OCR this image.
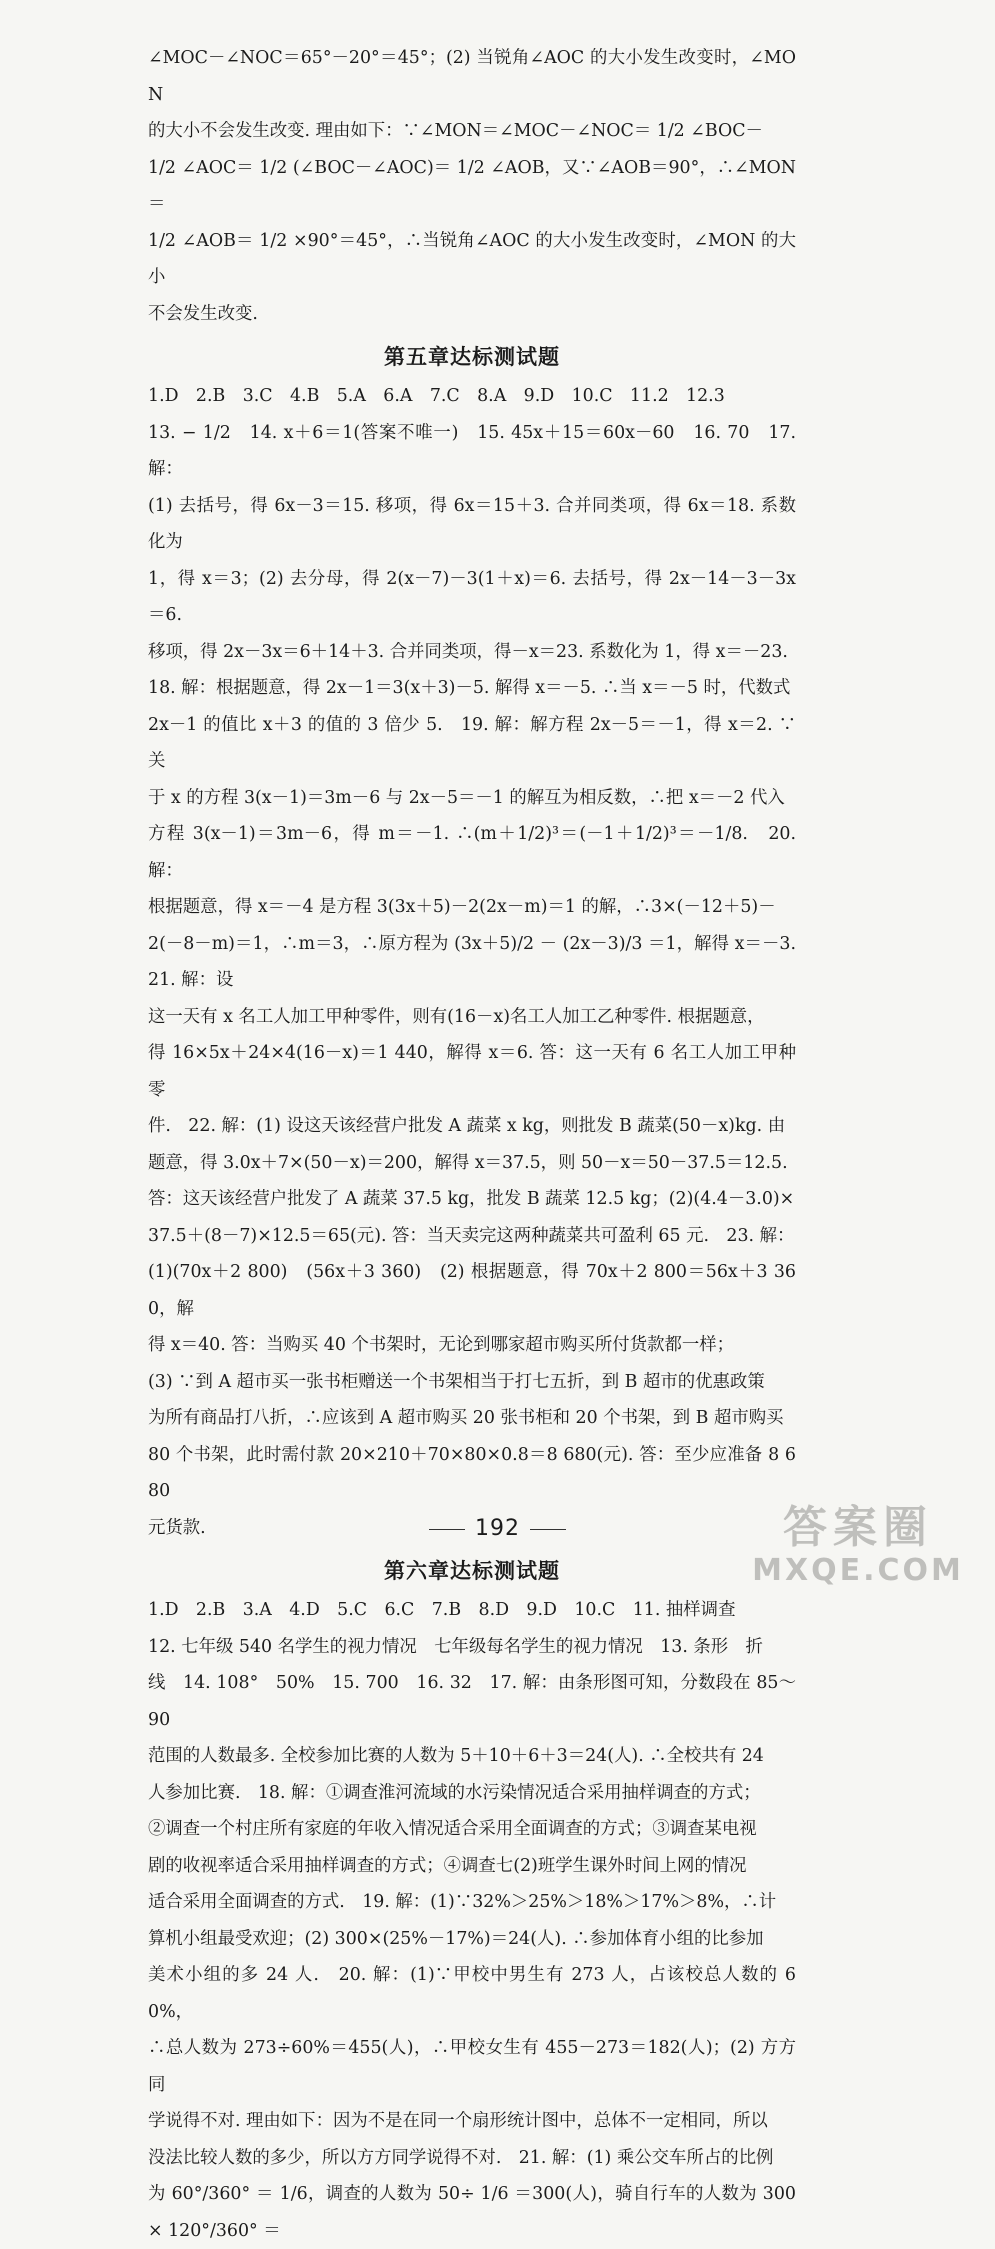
∠MOC－∠NOC＝65°－20°＝45°；(2) 当锐角∠AOC 的大小发生改变时，∠MON

的大小不会发生改变. 理由如下：∵∠MON＝∠MOC－∠NOC＝ 1/2 ∠BOC－

1/2 ∠AOC＝ 1/2 (∠BOC－∠AOC)＝ 1/2 ∠AOB，又∵∠AOB＝90°，∴∠MON＝

1/2 ∠AOB＝ 1/2 ×90°＝45°，∴当锐角∠AOC 的大小发生改变时，∠MON 的大小

不会发生改变.

第五章达标测试题

1.D　2.B　3.C　4.B　5.A　6.A　7.C　8.A　9.D　10.C　11.2　12.3

13. − 1/2　14. x＋6＝1(答案不唯一)　15. 45x＋15＝60x－60　16. 70　17. 解：

(1) 去括号，得 6x－3＝15. 移项，得 6x＝15＋3. 合并同类项，得 6x＝18. 系数化为

1，得 x＝3；(2) 去分母，得 2(x－7)－3(1＋x)＝6. 去括号，得 2x－14－3－3x＝6.

移项，得 2x－3x＝6＋14＋3. 合并同类项，得－x＝23. 系数化为 1，得 x＝－23.

18. 解：根据题意，得 2x－1＝3(x＋3)－5. 解得 x＝－5. ∴当 x＝－5 时，代数式

2x－1 的值比 x＋3 的值的 3 倍少 5.　19. 解：解方程 2x－5＝－1，得 x＝2. ∵关

于 x 的方程 3(x－1)＝3m－6 与 2x－5＝－1 的解互为相反数，∴把 x＝－2 代入

方程 3(x－1)＝3m－6，得 m＝－1. ∴(m＋1/2)³＝(－1＋1/2)³＝－1/8.　20. 解：

根据题意，得 x＝－4 是方程 3(3x＋5)－2(2x－m)＝1 的解，∴3×(－12＋5)－

2(－8－m)＝1，∴m＝3，∴原方程为 (3x＋5)/2 － (2x－3)/3 ＝1，解得 x＝－3.　21. 解：设

这一天有 x 名工人加工甲种零件，则有(16－x)名工人加工乙种零件. 根据题意，

得 16×5x＋24×4(16－x)＝1 440，解得 x＝6. 答：这一天有 6 名工人加工甲种零

件.　22. 解：(1) 设这天该经营户批发 A 蔬菜 x kg，则批发 B 蔬菜(50－x)kg. 由

题意，得 3.0x＋7×(50－x)＝200，解得 x＝37.5，则 50－x＝50－37.5＝12.5.

答：这天该经营户批发了 A 蔬菜 37.5 kg，批发 B 蔬菜 12.5 kg；(2)(4.4－3.0)×

37.5＋(8－7)×12.5＝65(元). 答：当天卖完这两种蔬菜共可盈利 65 元.　23. 解：

(1)(70x＋2 800)　(56x＋3 360)　(2) 根据题意，得 70x＋2 800＝56x＋3 360，解

得 x＝40. 答：当购买 40 个书架时，无论到哪家超市购买所付货款都一样；

(3) ∵到 A 超市买一张书柜赠送一个书架相当于打七五折，到 B 超市的优惠政策

为所有商品打八折，∴应该到 A 超市购买 20 张书柜和 20 个书架，到 B 超市购买

80 个书架，此时需付款 20×210＋70×80×0.8＝8 680(元). 答：至少应准备 8 680

元货款.

第六章达标测试题

1.D　2.B　3.A　4.D　5.C　6.C　7.B　8.D　9.D　10.C　11. 抽样调查

12. 七年级 540 名学生的视力情况　七年级每名学生的视力情况　13. 条形　折

线　14. 108°　50%　15. 700　16. 32　17. 解：由条形图可知，分数段在 85～90

范围的人数最多. 全校参加比赛的人数为 5＋10＋6＋3＝24(人). ∴全校共有 24

人参加比赛.　18. 解：①调查淮河流域的水污染情况适合采用抽样调查的方式；

②调查一个村庄所有家庭的年收入情况适合采用全面调查的方式；③调查某电视

剧的收视率适合采用抽样调查的方式；④调查七(2)班学生课外时间上网的情况

适合采用全面调查的方式.　19. 解：(1)∵32%＞25%＞18%＞17%＞8%，∴计

算机小组最受欢迎；(2) 300×(25%－17%)＝24(人). ∴参加体育小组的比参加

美术小组的多 24 人.　20. 解：(1)∵甲校中男生有 273 人，占该校总人数的 60%，

∴总人数为 273÷60%＝455(人)，∴甲校女生有 455－273＝182(人)；(2) 方方同

学说得不对. 理由如下：因为不是在同一个扇形统计图中，总体不一定相同，所以

没法比较人数的多少，所以方方同学说得不对.　21. 解：(1) 乘公交车所占的比例

为 60°/360° ＝ 1/6，调查的人数为 50÷ 1/6 ＝300(人)，骑自行车的人数为 300× 120°/360° ＝

192	答案圈
MXQE.COM
